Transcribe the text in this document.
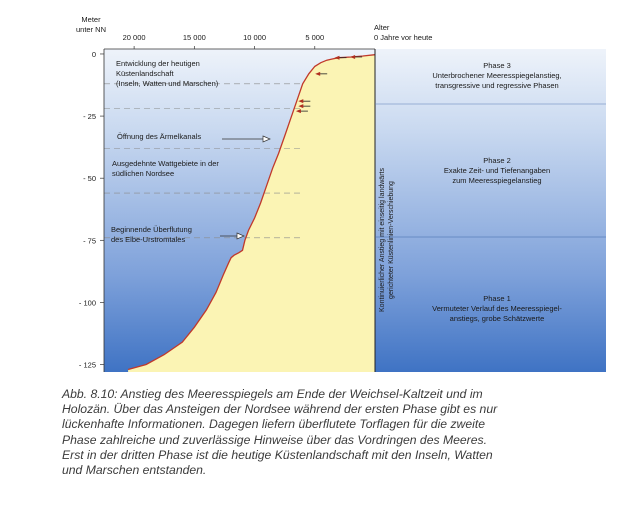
20 000	15 000	10 000	5 000
0
- 25
- 50
- 75
- 100
- 125
Meter
unter NN	Alter
0 Jahre vor heute
Entwicklung der heutigen
Küstenlandschaft
(Inseln, Watten und Marschen)
Öffnung des Ärmelkanals
Ausgedehnte Wattgebiete in der
südlichen Nordsee
Beginnende Überflutung
des Elbe-Urstromtales	Kontinuierlicher Anstieg mit einseitig landwärts gerichteter Küstenlinien-Verschiebung
Phase 3
Unterbrochener Meeresspiegelanstieg,
transgressive und regressive Phasen
Phase 2
Exakte Zeit- und Tiefenangaben
zum Meeresspiegelanstieg
Phase 1
Vermuteter Verlauf des Meeresspiegel-
anstiegs, grobe Schätzwerte
Abb. 8.10: Anstieg des Meeresspiegels am Ende der Weichsel-Kaltzeit und im
Holozän. Über das Ansteigen der Nordsee während der ersten Phase gibt es nur
lückenhafte Informationen. Dagegen liefern überflutete Torflagen für die zweite
Phase zahlreiche und zuverlässige Hinweise über das Vordringen des Meeres.
Erst in der dritten Phase ist die heutige Küstenlandschaft mit den Inseln, Watten
und Marschen entstanden.
